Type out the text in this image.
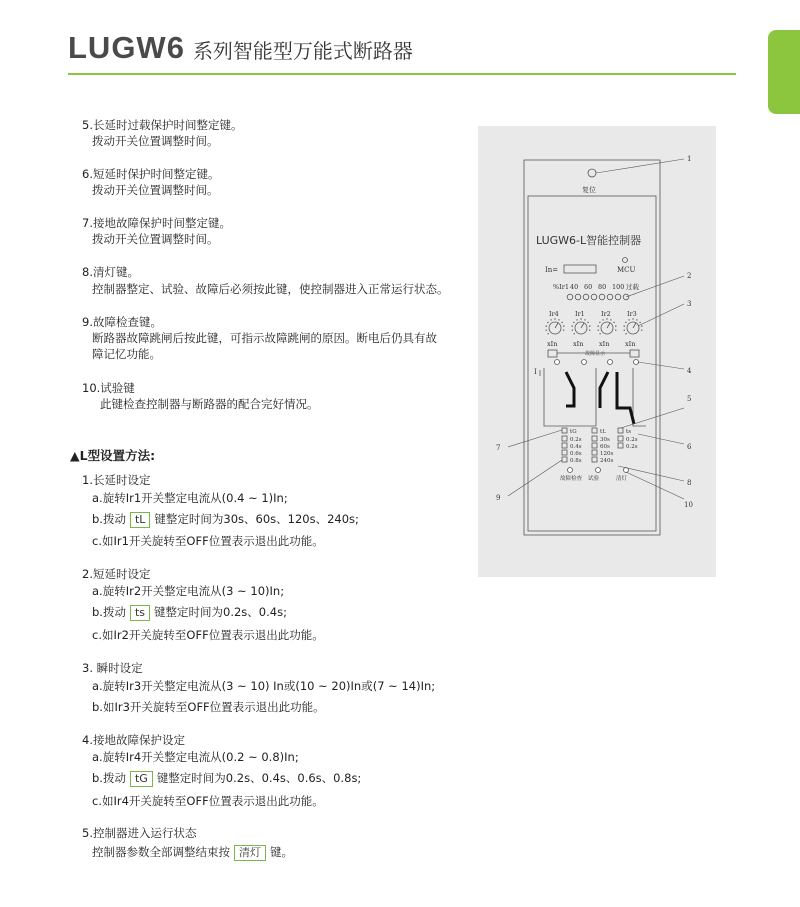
LUGW6 系列智能型万能式断路器
5.长延时过载保护时间整定键。
拨动开关位置调整时间。
6.短延时保护时间整定键。
拨动开关位置调整时间。
7.接地故障保护时间整定键。
拨动开关位置调整时间。
8.清灯键。
控制器整定、试验、故障后必须按此键，使控制器进入正常运行状态。
9.故障检查键。
断路器故障跳闸后按此键，可指示故障跳闸的原因。断电后仍具有故
障记忆功能。
10.试验键
此键检查控制器与断路器的配合完好情况。
▲L型设置方法:
1.长延时设定
a.旋转Ir1开关整定电流从(0.4 ~ 1)In;
b.拨动 tL 键整定时间为30s、60s、120s、240s;
c.如Ir1开关旋转至OFF位置表示退出此功能。
2.短延时设定
a.旋转Ir2开关整定电流从(3 ~ 10)In;
b.拨动 ts 键整定时间为0.2s、0.4s;
c.如Ir2开关旋转至OFF位置表示退出此功能。
3. 瞬时设定
a.旋转Ir3开关整定电流从(3 ~ 10) In或(10 ~ 20)In或(7 ~ 14)In;
b.如Ir3开关旋转至OFF位置表示退出此功能。
4.接地故障保护设定
a.旋转Ir4开关整定电流从(0.2 ~ 0.8)In;
b.拨动 tG 键整定时间为0.2s、0.4s、0.6s、0.8s;
c.如Ir4开关旋转至OFF位置表示退出此功能。
5.控制器进入运行状态
控制器参数全部调整结束按 清灯 键。
复位
LUGW6-L智能控制器
MCU
In=
%Ir1 40 60 80 100 过载
Ir4
xIn
Ir1
xIn
Ir2
xIn
Ir3
xIn
故障显示
I
tG
0.2s
0.4s
0.6s
0.8s
tL
30s
60s
120s
240s
ts
0.2s
0.2s
故障检查 试验	清灯
1
2
3
4
5
6
7
8
9
10
